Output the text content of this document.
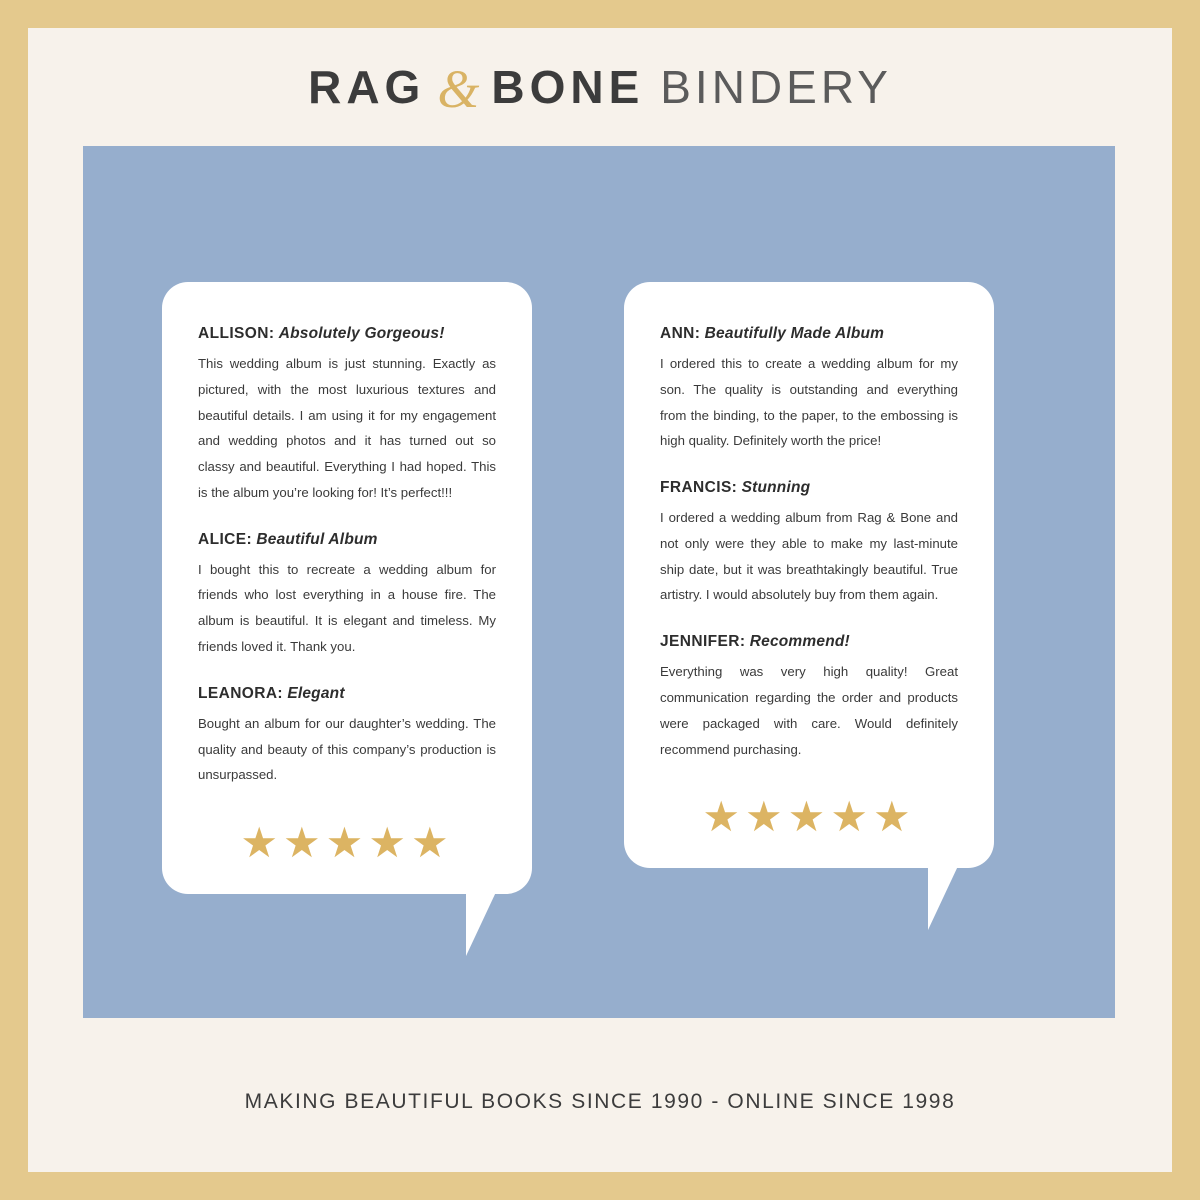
RAG & BONE BINDERY

ALLISON: Absolutely Gorgeous!

This wedding album is just stunning. Exactly as pictured, with the most luxurious textures and beautiful details. I am using it for my engagement and wedding photos and it has turned out so classy and beautiful. Everything I had hoped. This is the album you’re looking for! It’s perfect!!!

ALICE: Beautiful Album

I bought this to recreate a wedding album for friends who lost everything in a house fire. The album is beautiful. It is elegant and timeless. My friends loved it. Thank you.

LEANORA: Elegant

Bought an album for our daughter’s wedding. The quality and beauty of this company’s production is unsurpassed.

★★★★★

ANN: Beautifully Made Album

I ordered this to create a wedding album for my son. The quality is outstanding and everything from the binding, to the paper, to the embossing is high quality. Definitely worth the price!

FRANCIS: Stunning

I ordered a wedding album from Rag & Bone and not only were they able to make my last-minute ship date, but it was breathtakingly beautiful. True artistry. I would absolutely buy from them again.

JENNIFER: Recommend!

Everything was very high quality! Great communication regarding the order and products were packaged with care. Would definitely recommend purchasing.

★★★★★
MAKING BEAUTIFUL BOOKS SINCE 1990 - ONLINE SINCE 1998
